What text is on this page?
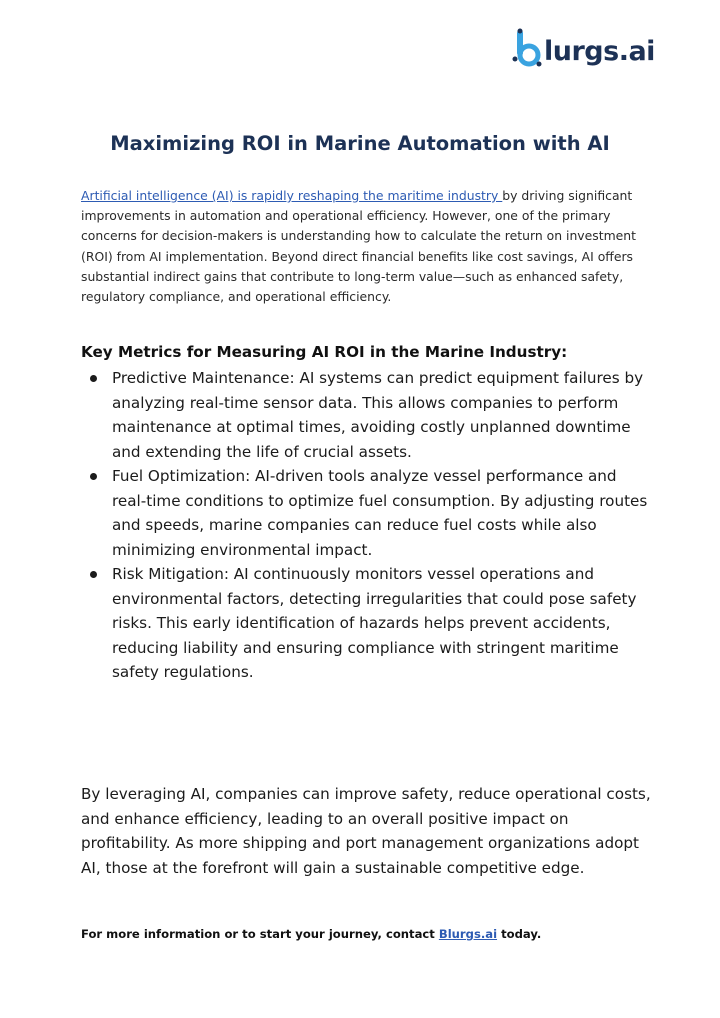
lurgs.ai
Maximizing ROI in Marine Automation with AI

Artificial intelligence (AI) is rapidly reshaping the maritime industry by driving significant improvements in automation and operational efficiency. However, one of the primary concerns for decision-makers is understanding how to calculate the return on investment (ROI) from AI implementation. Beyond direct financial benefits like cost savings, AI offers substantial indirect gains that contribute to long-term value—such as enhanced safety, regulatory compliance, and operational efficiency.

Key Metrics for Measuring AI ROI in the Marine Industry:
Predictive Maintenance: AI systems can predict equipment failures by analyzing real-time sensor data. This allows companies to perform maintenance at optimal times, avoiding costly unplanned downtime and extending the life of crucial assets.
Fuel Optimization: AI-driven tools analyze vessel performance and real-time conditions to optimize fuel consumption. By adjusting routes and speeds, marine companies can reduce fuel costs while also minimizing environmental impact.
Risk Mitigation: AI continuously monitors vessel operations and environmental factors, detecting irregularities that could pose safety risks. This early identification of hazards helps prevent accidents, reducing liability and ensuring compliance with stringent maritime safety regulations.

By leveraging AI, companies can improve safety, reduce operational costs, and enhance efficiency, leading to an overall positive impact on profitability. As more shipping and port management organizations adopt AI, those at the forefront will gain a sustainable competitive edge.

For more information or to start your journey, contact Blurgs.ai today.
